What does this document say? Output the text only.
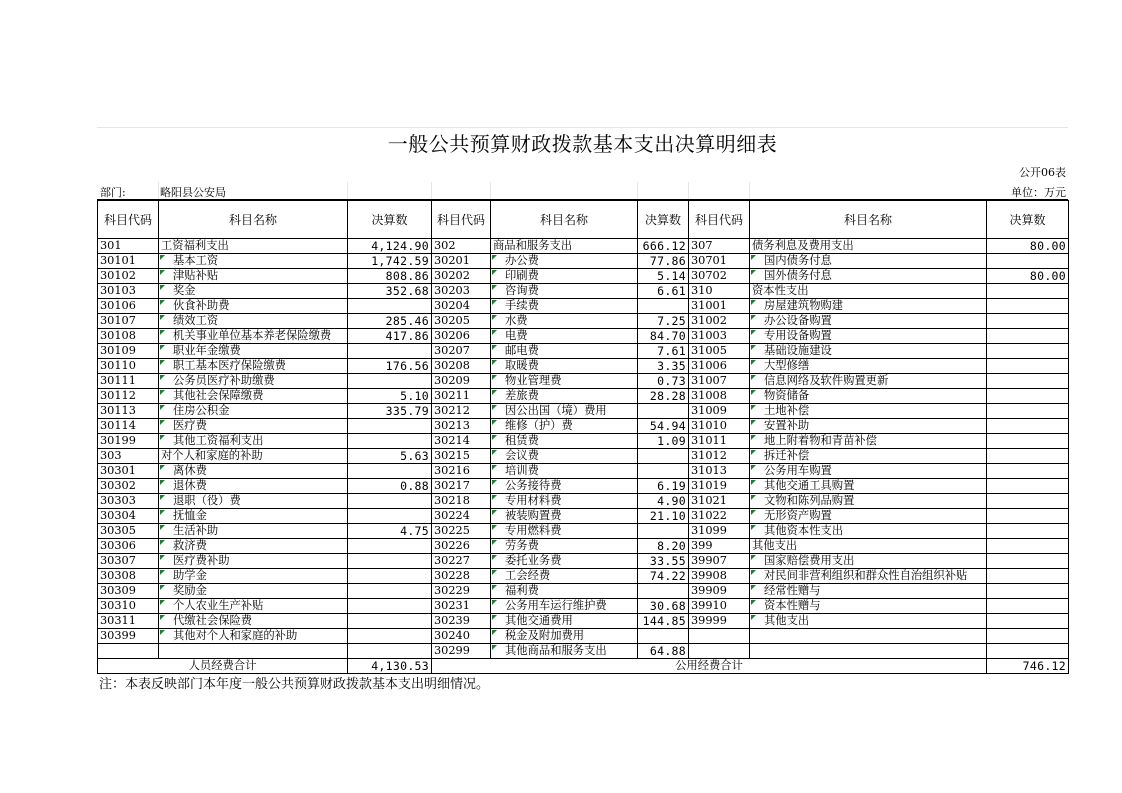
一般公共预算财政拨款基本支出决算明细表
公开06表
部门:	略阳县公安局	单位：万元
科目代码	科目名称	决算数	科目代码	科目名称	决算数	科目代码	科目名称	决算数
301	工资福利支出	4,124.90	302	商品和服务支出	666.12	307	债务利息及费用支出	80.00
30101	基本工资	1,742.59	30201	办公费	77.86	30701	国内债务付息	
30102	津贴补贴	808.86	30202	印刷费	5.14	30702	国外债务付息	80.00
30103	奖金	352.68	30203	咨询费	6.61	310	资本性支出	
30106	伙食补助费		30204	手续费		31001	房屋建筑物购建	
30107	绩效工资	285.46	30205	水费	7.25	31002	办公设备购置	
30108	机关事业单位基本养老保险缴费	417.86	30206	电费	84.70	31003	专用设备购置	
30109	职业年金缴费		30207	邮电费	7.61	31005	基础设施建设	
30110	职工基本医疗保险缴费	176.56	30208	取暖费	3.35	31006	大型修缮	
30111	公务员医疗补助缴费		30209	物业管理费	0.73	31007	信息网络及软件购置更新	
30112	其他社会保障缴费	5.10	30211	差旅费	28.28	31008	物资储备	
30113	住房公积金	335.79	30212	因公出国（境）费用		31009	土地补偿	
30114	医疗费		30213	维修（护）费	54.94	31010	安置补助	
30199	其他工资福利支出		30214	租赁费	1.09	31011	地上附着物和青苗补偿	
303	对个人和家庭的补助	5.63	30215	会议费		31012	拆迁补偿	
30301	离休费		30216	培训费		31013	公务用车购置	
30302	退休费	0.88	30217	公务接待费	6.19	31019	其他交通工具购置	
30303	退职（役）费		30218	专用材料费	4.90	31021	文物和陈列品购置	
30304	抚恤金		30224	被装购置费	21.10	31022	无形资产购置	
30305	生活补助	4.75	30225	专用燃料费		31099	其他资本性支出	
30306	救济费		30226	劳务费	8.20	399	其他支出	
30307	医疗费补助		30227	委托业务费	33.55	39907	国家赔偿费用支出	
30308	助学金		30228	工会经费	74.22	39908	对民间非营利组织和群众性自治组织补贴	
30309	奖励金		30229	福利费		39909	经常性赠与	
30310	个人农业生产补贴		30231	公务用车运行维护费	30.68	39910	资本性赠与	
30311	代缴社会保险费		30239	其他交通费用	144.85	39999	其他支出	
30399	其他对个人和家庭的补助		30240	税金及附加费用				
			30299	其他商品和服务支出	64.88			
人员经费合计		4,130.53	公用经费合计					746.12
注：本表反映部门本年度一般公共预算财政拨款基本支出明细情况。
